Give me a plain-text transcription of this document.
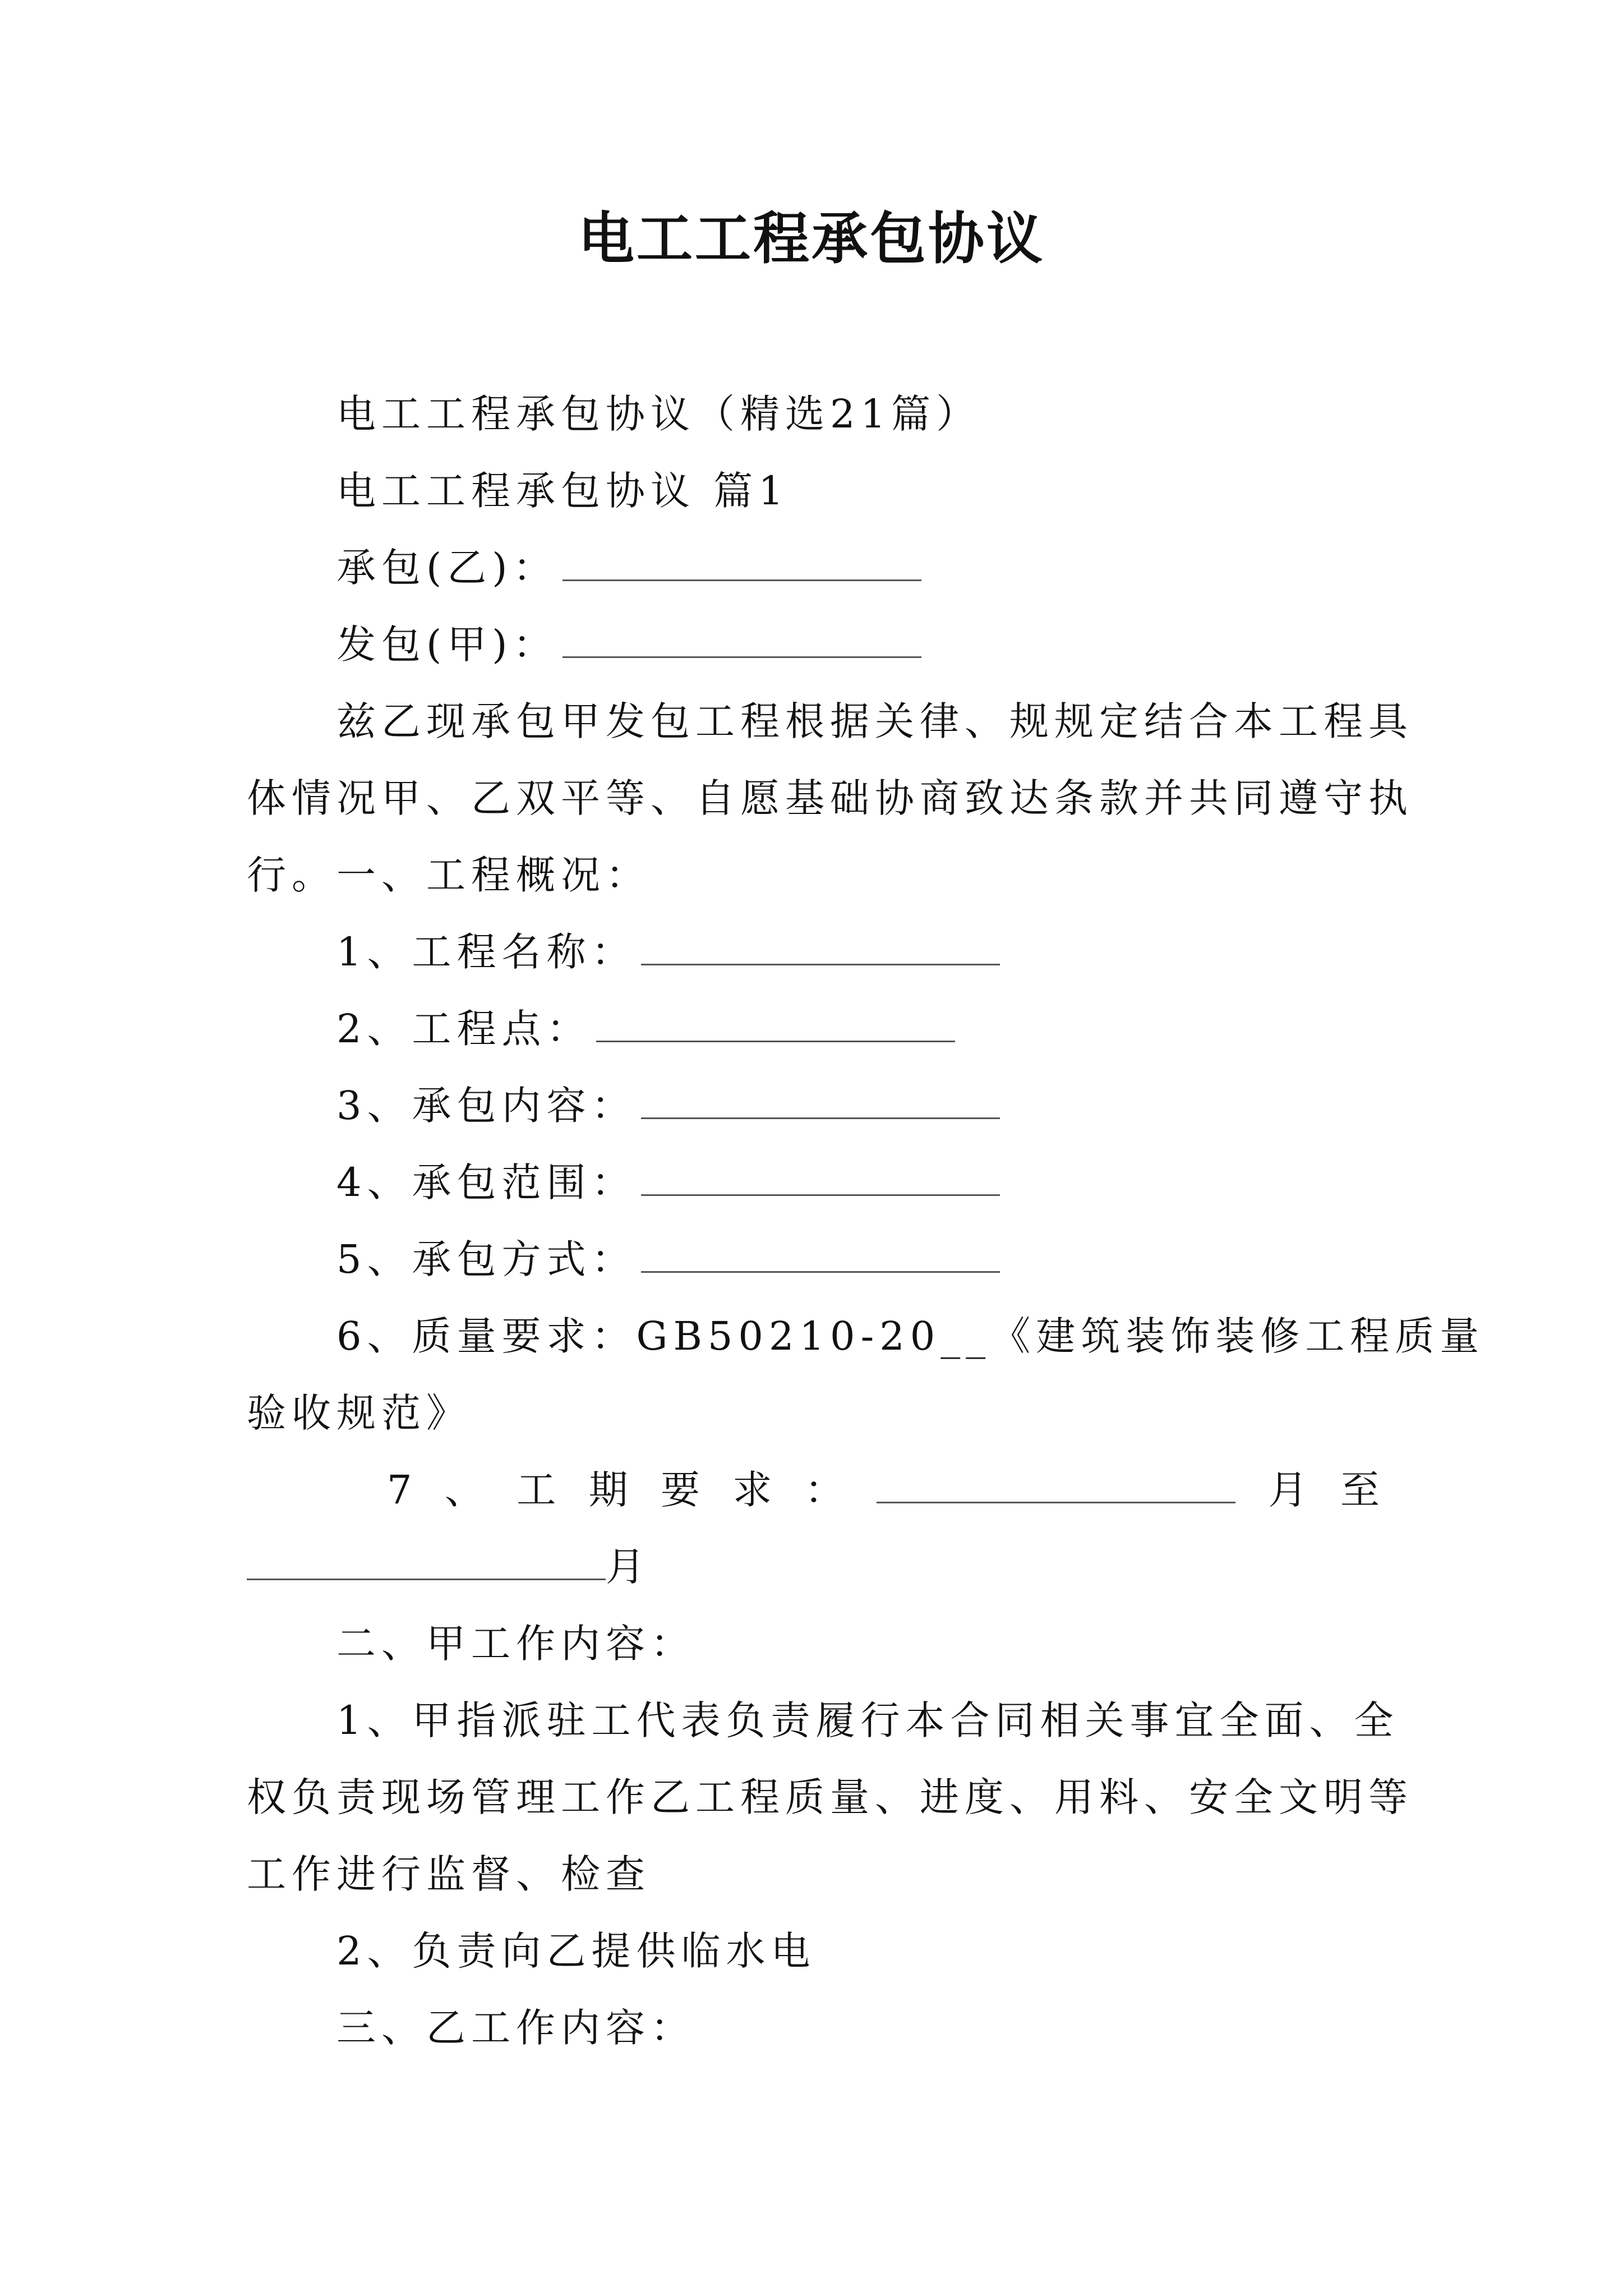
电工工程承包协议
电工工程承包协议（精选21篇）
电工工程承包协议 篇1
承包(乙)：
发包(甲)：
兹乙现承包甲发包工程根据关律、规规定结合本工程具
体情况甲、乙双平等、自愿基础协商致达条款并共同遵守执
行。一、工程概况：
1、工程名称：
2、工程点：
3、承包内容：
4、承包范围：
5、承包方式：
6、质量要求：GB50210-20__《建筑装饰装修工程质量
验收规范》
7 、 工 期 要 求 ：	月 至
月
二、甲工作内容：
1、甲指派驻工代表负责履行本合同相关事宜全面、全
权负责现场管理工作乙工程质量、进度、用料、安全文明等
工作进行监督、检查
2、负责向乙提供临水电
三、乙工作内容：
